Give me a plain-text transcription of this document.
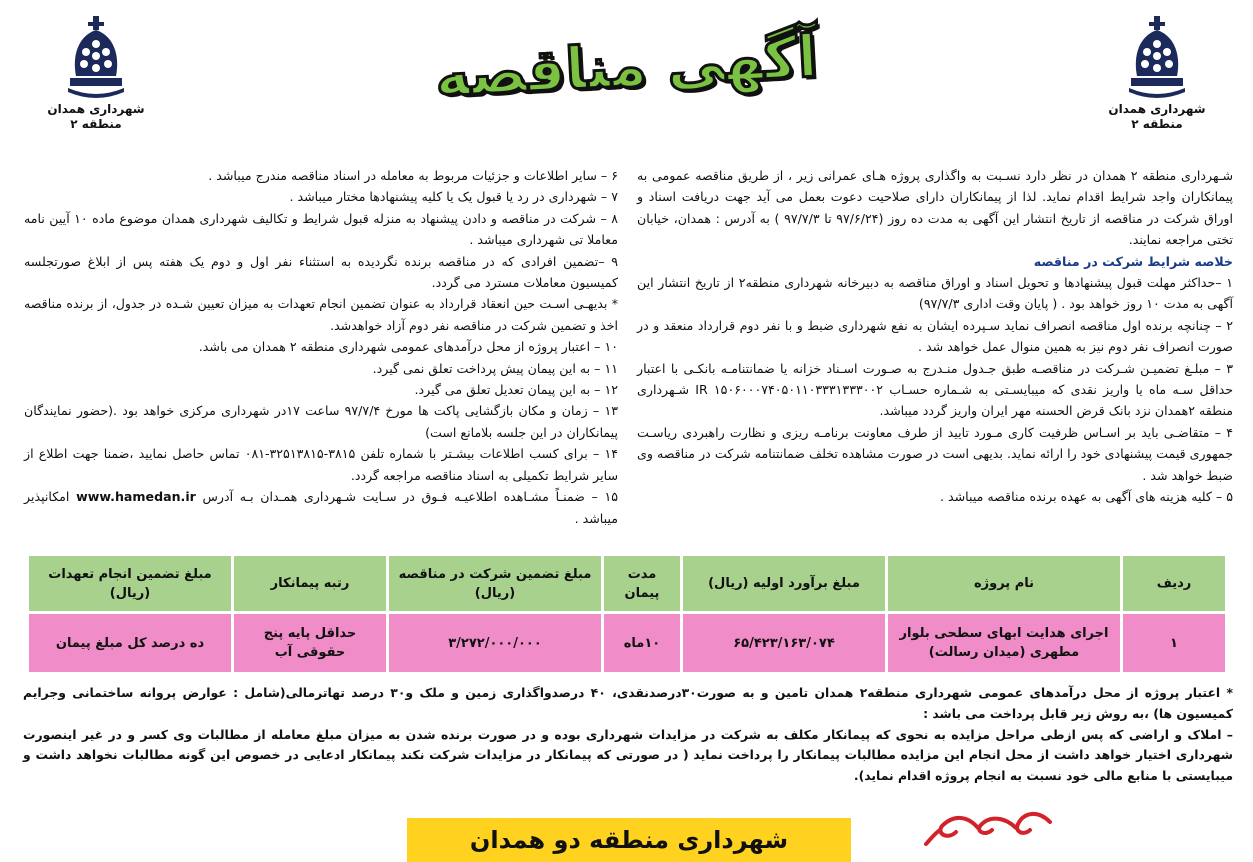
شهرداری همدان
منطقه ۲
شهرداری همدان
منطقه ۲
آگهی مناقصه

شـهرداری منطقه ۲ همدان در نظر دارد نسـبت به واگذاری پروژه هـای عمرانی زیر ، از طریق مناقصه عمومی به پیمانکاران واجد شرایط اقدام نماید. لذا از پیمانکاران دارای صلاحیت دعوت بعمل می آید جهت دریافت اسناد و اوراق شرکت در مناقصه از تاریخ انتشار این آگهی به مدت ده روز (۹۷/۶/۲۴ تا ۹۷/۷/۳ ) به آدرس : همدان، خیابان تختی مراجعه نمایند.

خلاصه شرایط شرکت در مناقصه

۱ –حداکثر مهلت قبول پیشنهادها و تحویل اسناد و اوراق مناقصه به دبیرخانه شهرداری منطقه۲ از تاریخ انتشار این آگهی به مدت ۱۰ روز خواهد بود . ( پایان وقت اداری ۹۷/۷/۳)

۲ – چنانچه برنده اول مناقصه انصراف نماید سـپرده ایشان به نفع شهرداری ضبط و با نفر دوم قرارداد منعقد و در صورت انصراف نفر دوم نیز به همین منوال عمل خواهد شد .

۳ – مبلـغ تضمیـن شـرکت در مناقصـه طبق جـدول منـدرج به صـورت اسـناد خزانه یا ضمانتنامـه بانکـی با اعتبار حداقل سـه ماه یا واریز نقدی که میبایسـتی به شـماره حسـاب IR ۱۵۰۶۰۰۰۷۴۰۵۰۱۱۰۳۳۳۱۳۳۳۰۰۲ شـهرداری منطقه ۲همدان نزد بانک قرض الحسنه مهر ایران واریز گردد میباشد.

۴ – متقاضـی باید بر اسـاس ظرفیت کاری مـورد تایید از طرف معاونت برنامـه ریزی و نظارت راهبردی ریاسـت جمهوری قیمت پیشنهادی خود را ارائه نماید. بدیهی است در صورت مشاهده تخلف ضمانتنامه شرکت در مناقصه وی ضبط خواهد شد .

۵ – کلیه هزینه های آگهی به عهده برنده مناقصه میباشد .

۶ – سایر اطلاعات و جزئیات مربوط به معامله در اسناد مناقصه مندرج میباشد .

۷ – شهرداری در رد یا قبول یک یا کلیه پیشنهادها مختار میباشد .

۸ – شرکت در مناقصه و دادن پیشنهاد به منزله قبول شرایط و تکالیف شهرداری همدان موضوع ماده ۱۰ آیین نامه معاملا تی شهرداری میباشد .

۹ –تضمین افرادی که در مناقصه برنده نگردیده به استثناء نفر اول و دوم یک هفته پس از ابلاغ صورتجلسه کمیسیون معاملات مسترد می گردد.

* بدیهـی اسـت حین انعقاد قرارداد به عنوان تضمین انجام تعهدات به میزان تعیین شـده در جدول، از برنده مناقصه اخذ و تضمین شرکت در مناقصه نفر دوم آزاد خواهدشد.

۱۰ – اعتبار پروژه از محل درآمدهای عمومی شهرداری منطقه ۲ همدان می باشد.

۱۱ – به این پیمان پیش پرداخت تعلق نمی گیرد.

۱۲ – به این پیمان تعدیل تعلق می گیرد.

۱۳ – زمان و مکان بازگشایی پاکت ها مورخ ۹۷/۷/۴ ساعت ۱۷در شهرداری مرکزی خواهد بود .(حضور نمایندگان پیمانکاران در این جلسه بلامانع است)

۱۴ – برای کسب اطلاعات بیشـتر با شماره تلفن ۳۸۱۵-۳۲۵۱۳۸۱۵-۰۸۱ تماس حاصل نمایید ،ضمنا جهت اطلاع از سایر شرایط تکمیلی به اسناد مناقصه مراجعه گردد.

۱۵ – ضمنـاً مشـاهده اطلاعیـه فـوق در سـایت شـهرداری همـدان بـه آدرس www.hamedan.ir امکانپذیر میباشد .

ردیف	نام پروژه	مبلغ برآورد اولیه (ریال)	مدت پیمان	مبلغ تضمین شرکت در مناقصه (ریال)	رتبه پیمانکار	مبلغ تضمین انجام تعهدات (ریال)
۱	اجرای هدایت ابهای سطحی بلوار مطهری (میدان رسالت)	۶۵/۴۲۳/۱۶۳/۰۷۴	۱۰ماه	۳/۲۷۲/۰۰۰/۰۰۰	حداقل پایه پنج حقوقی آب	ده درصد کل مبلغ پیمان

* اعتبار پروژه از محل درآمدهای عمومی شهرداری منطقه۲ همدان تامین و به صورت۳۰درصدنقدی، ۴۰ درصدواگذاری زمین و ملک و۳۰ درصد تهاترمالی(شامل : عوارض پروانه ساختمانی وجرایم کمیسیون ها) ،به روش زیر قابل پرداخت می باشد :

– املاک و اراضی که پس ازطی مراحل مزایده به نحوی که پیمانکار مکلف به شرکت در مزایدات شهرداری بوده و در صورت برنده شدن به میزان مبلغ معامله از مطالبات وی کسر و در غیر اینصورت شهرداری اختیار خواهد داشت از محل انجام این مزایده مطالبات پیمانکار را پرداخت نماید ( در صورتی که پیمانکار در مزایدات شرکت نکند پیمانکار ادعایی در خصوص این گونه مطالبات نخواهد داشت و میبایستی با منابع مالی خود نسبت به انجام پروژه اقدام نماید).

شهرداری منطقه دو همدان
